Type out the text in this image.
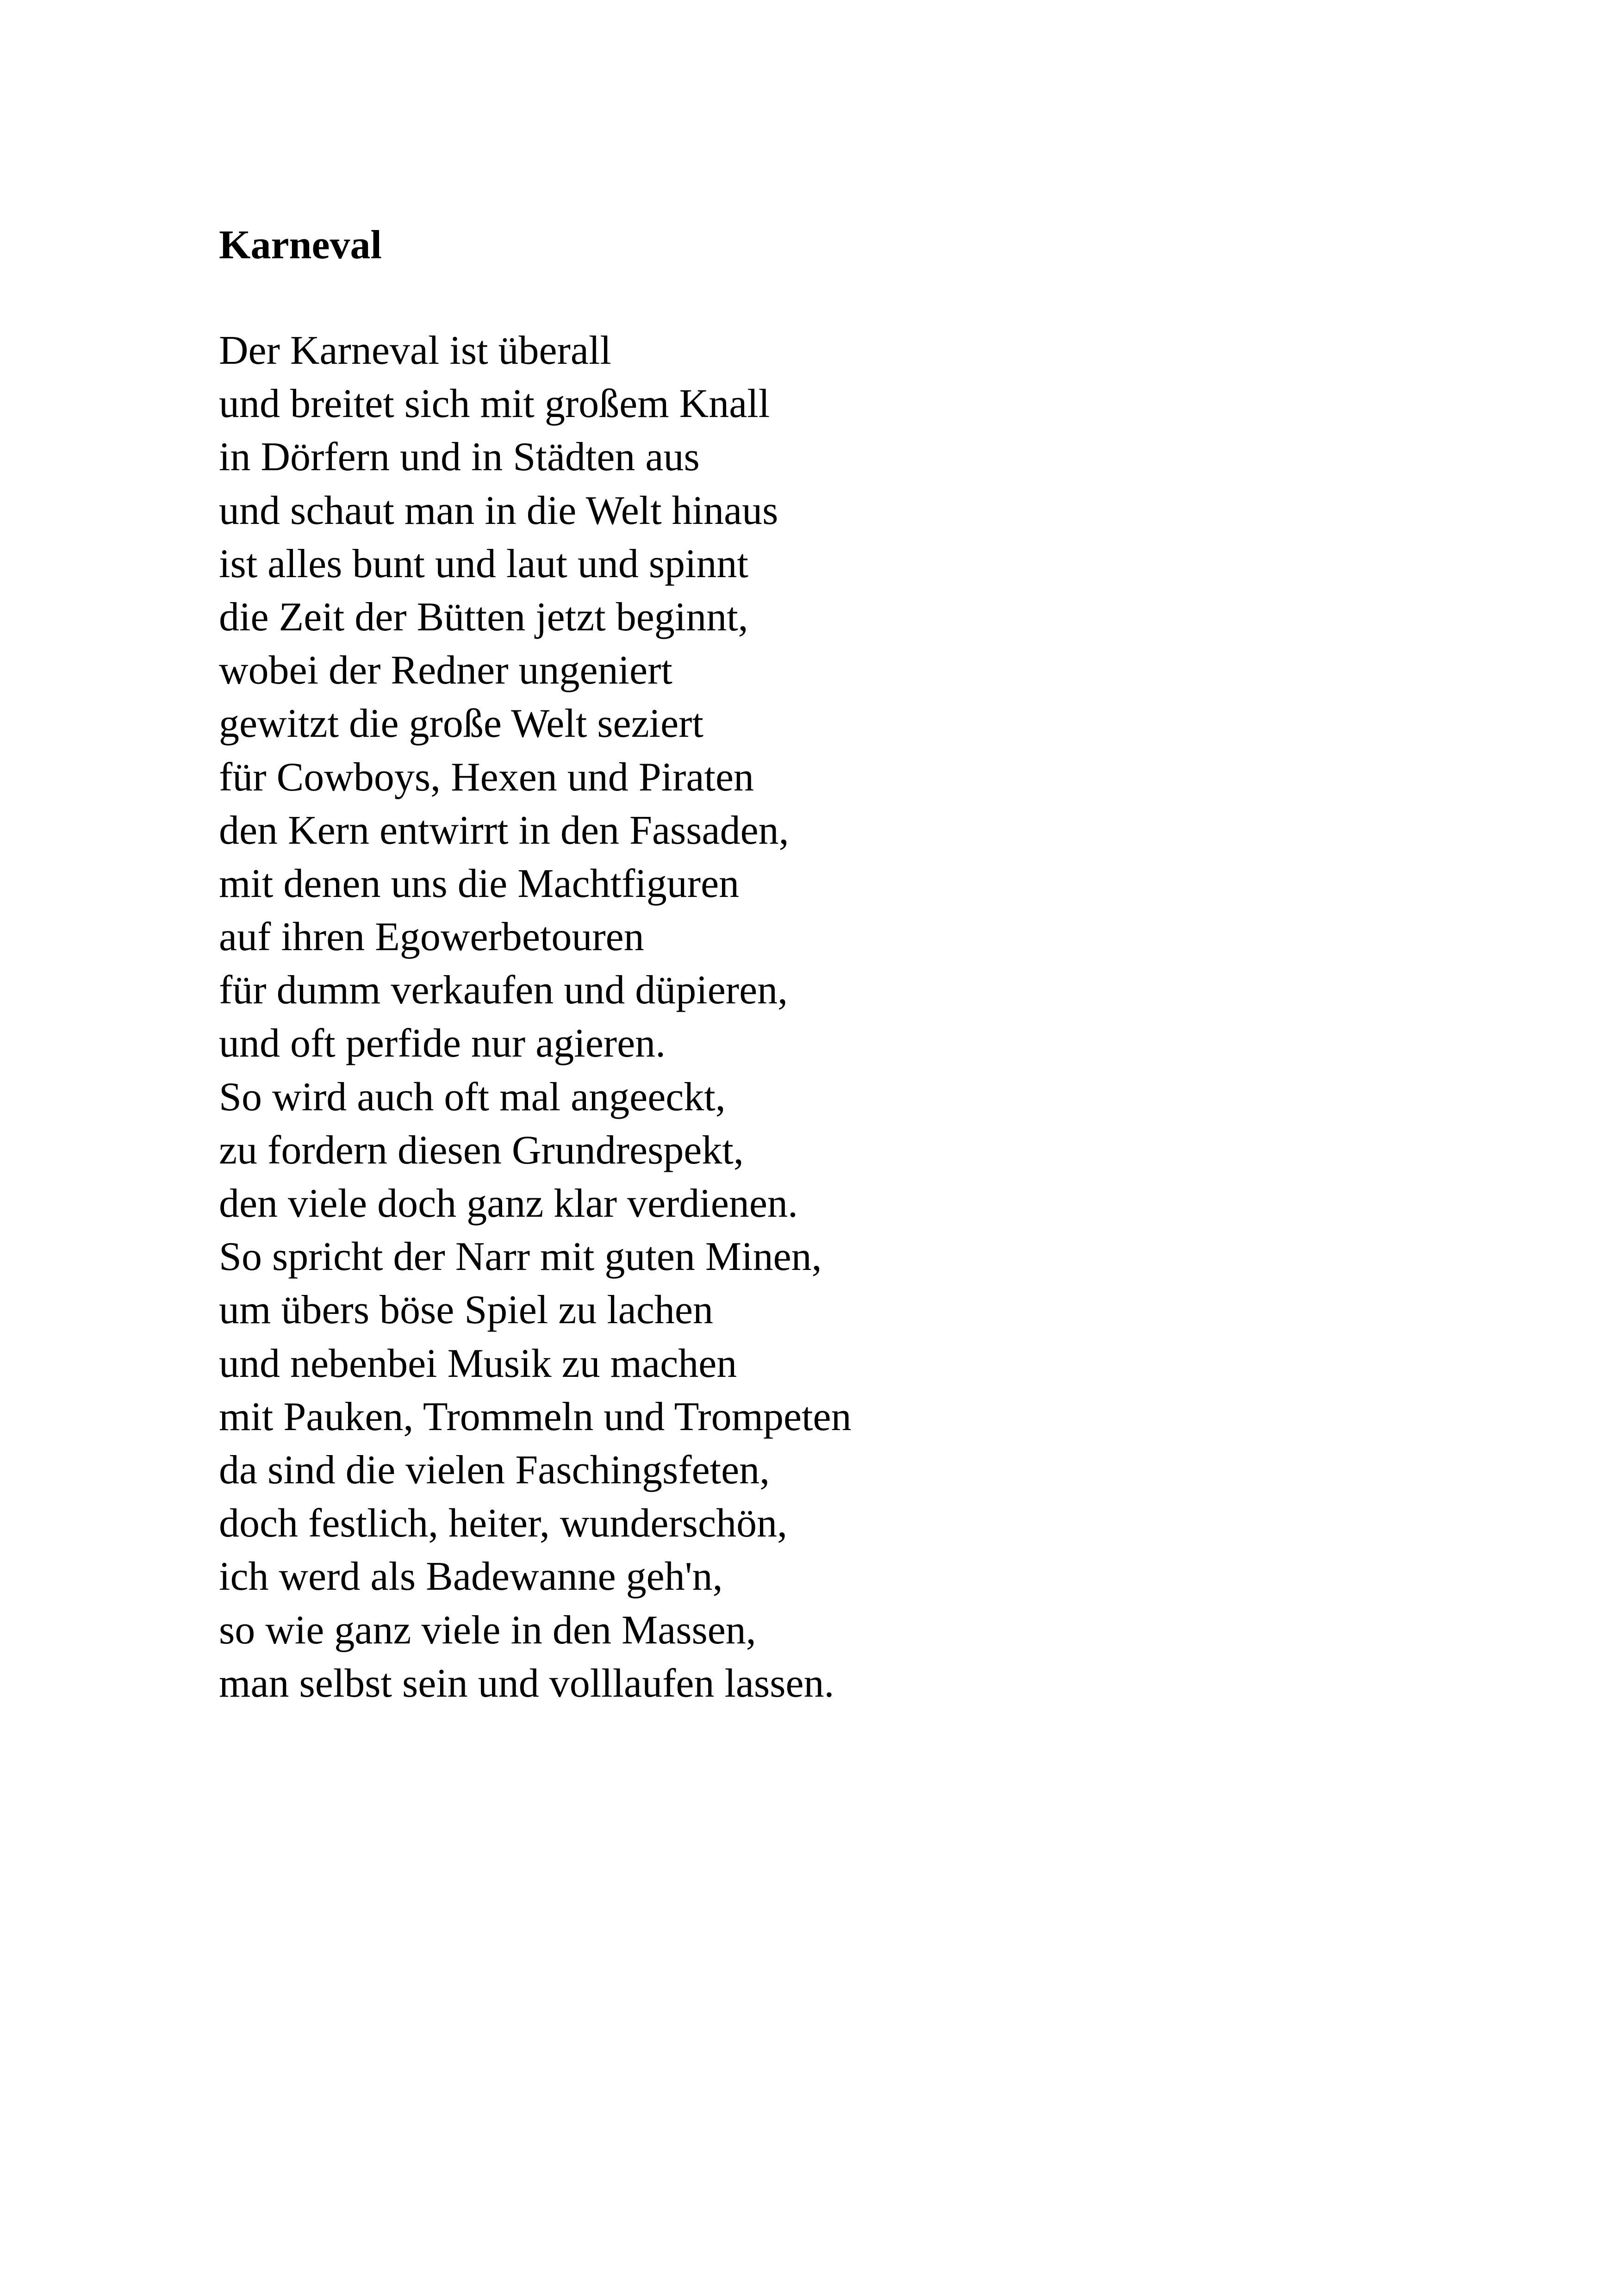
Karneval
Der Karneval ist überall
und breitet sich mit großem Knall
in Dörfern und in Städten aus
und schaut man in die Welt hinaus
ist alles bunt und laut und spinnt
die Zeit der Bütten jetzt beginnt,
wobei der Redner ungeniert
gewitzt die große Welt seziert
für Cowboys, Hexen und Piraten
den Kern entwirrt in den Fassaden,
mit denen uns die Machtfiguren
auf ihren Egowerbetouren
für dumm verkaufen und düpieren,
und oft perfide nur agieren.
So wird auch oft mal angeeckt,
zu fordern diesen Grundrespekt,
den viele doch ganz klar verdienen.
So spricht der Narr mit guten Minen,
um übers böse Spiel zu lachen
und nebenbei Musik zu machen
mit Pauken, Trommeln und Trompeten
da sind die vielen Faschingsfeten,
doch festlich, heiter, wunderschön,
ich werd als Badewanne geh'n,
so wie ganz viele in den Massen,
man selbst sein und volllaufen lassen.
